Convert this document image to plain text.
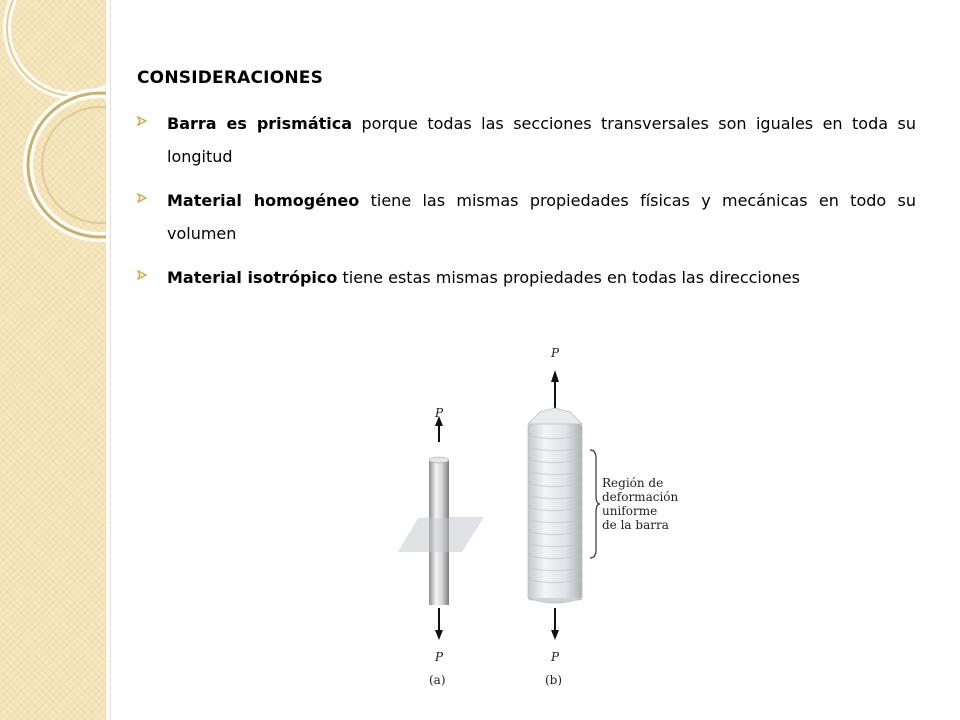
CONSIDERACIONES
Barra es prismática porque todas las secciones transversales son iguales en toda su longitud
Material homogéneo tiene las mismas propiedades físicas y mecánicas en todo su volumen
Material isotrópico tiene estas mismas propiedades en todas las direcciones
P
P
P
P
(a)	(b)
Región de
deformación
uniforme
de la barra
